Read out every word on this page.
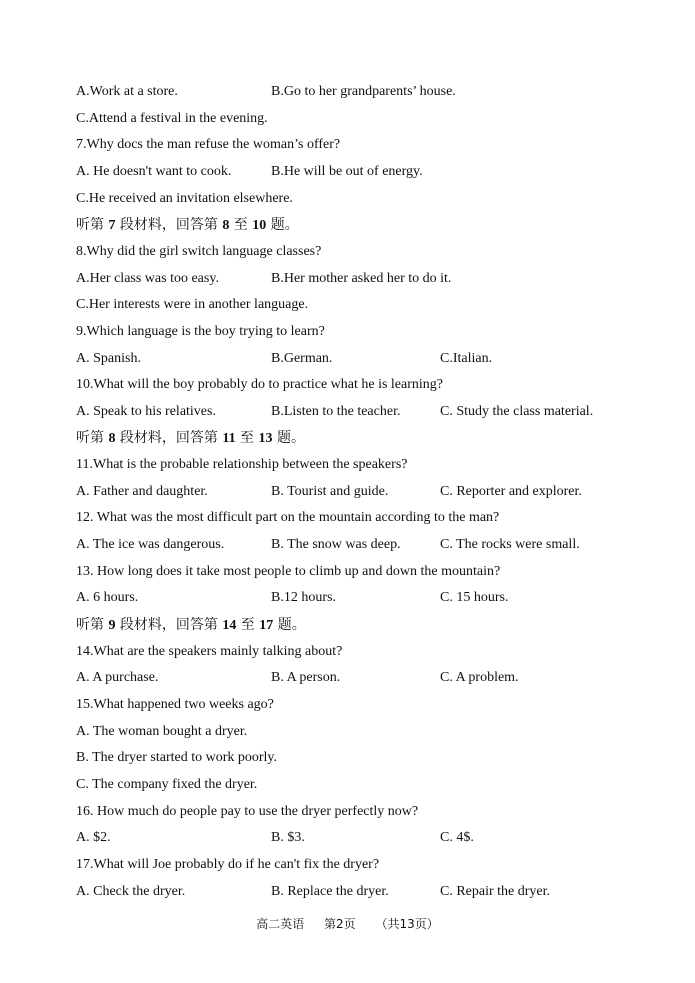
A.Work at a store.	B.Go to her grandparents’ house.
C.Attend a festival in the evening.
7.Why docs the man refuse the woman’s offer?
A. He doesn't want to cook.	B.He will be out of energy.
C.He received an invitation elsewhere.
听第 7 段材料，回答第 8 至 10 题。
8.Why did the girl switch language classes?
A.Her class was too easy.	B.Her mother asked her to do it.
C.Her interests were in another language.
9.Which language is the boy trying to learn?
A. Spanish.	B.German.	C.Italian.
10.What will the boy probably do to practice what he is learning?
A. Speak to his relatives.	B.Listen to the teacher.	C. Study the class material.
听第 8 段材料，回答第 11 至 13 题。
11.What is the probable relationship between the speakers?
A. Father and daughter.	B. Tourist and guide.	C. Reporter and explorer.
12. What was the most difficult part on the mountain according to the man?
A. The ice was dangerous.	B. The snow was deep.	C. The rocks were small.
13. How long does it take most people to climb up and down the mountain?
A. 6 hours.	B.12 hours.	C. 15 hours.
听第 9 段材料，回答第 14 至 17 题。
14.What are the speakers mainly talking about?
A. A purchase.	B. A person.	C. A problem.
15.What happened two weeks ago?
A. The woman bought a dryer.
B. The dryer started to work poorly.
C. The company fixed the dryer.
16. How much do people pay to use the dryer perfectly now?
A. $2.	B. $3.	C. 4$.
17.What will Joe probably do if he can't fix the dryer?
A. Check the dryer.	B. Replace the dryer.	C. Repair the dryer.
高二英语 第2页 （共13页）
